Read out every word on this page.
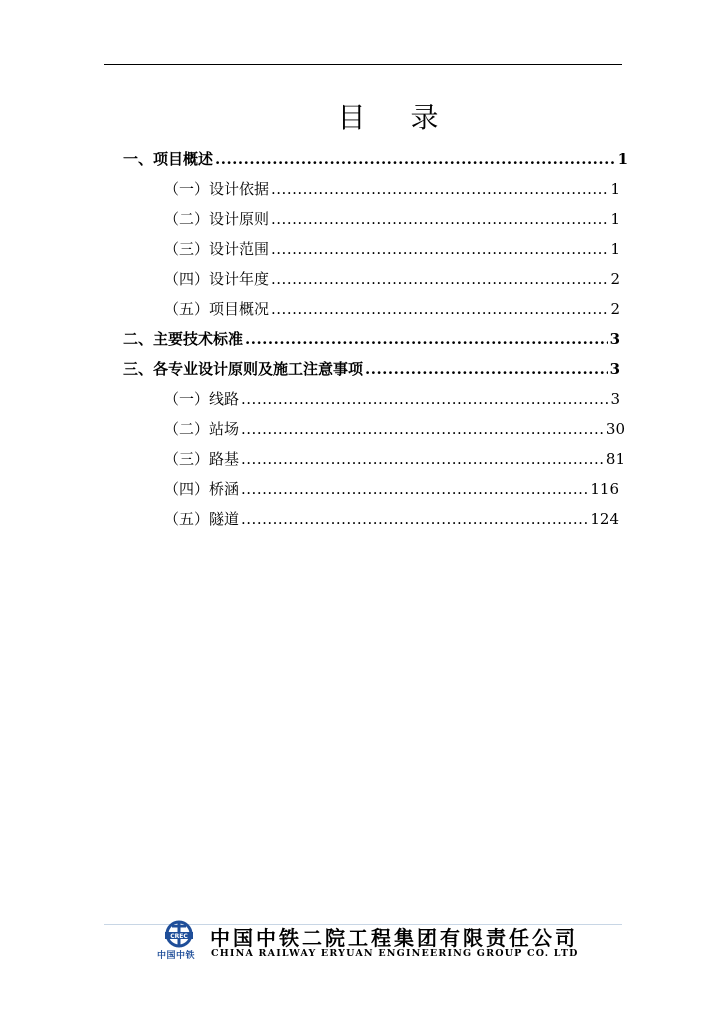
目 录
一、项目概述 .....	1
（一）设计依据 .....	1
（二）设计原则 .....	1
（三）设计范围 .....	1
（四）设计年度 .....	2
（五）项目概况 .....	2
二、主要技术标准 .....	3
三、各专业设计原则及施工注意事项 .....	3
（一）线路 .....	3
（二）站场 .....	30
（三）路基 .....	81
（四）桥涵 .....	116
（五）隧道 .....	124
CREC
中国中铁
中国中铁二院工程集团有限责任公司
CHINA RAILWAY ERYUAN ENGINEERING GROUP CO. LTD
